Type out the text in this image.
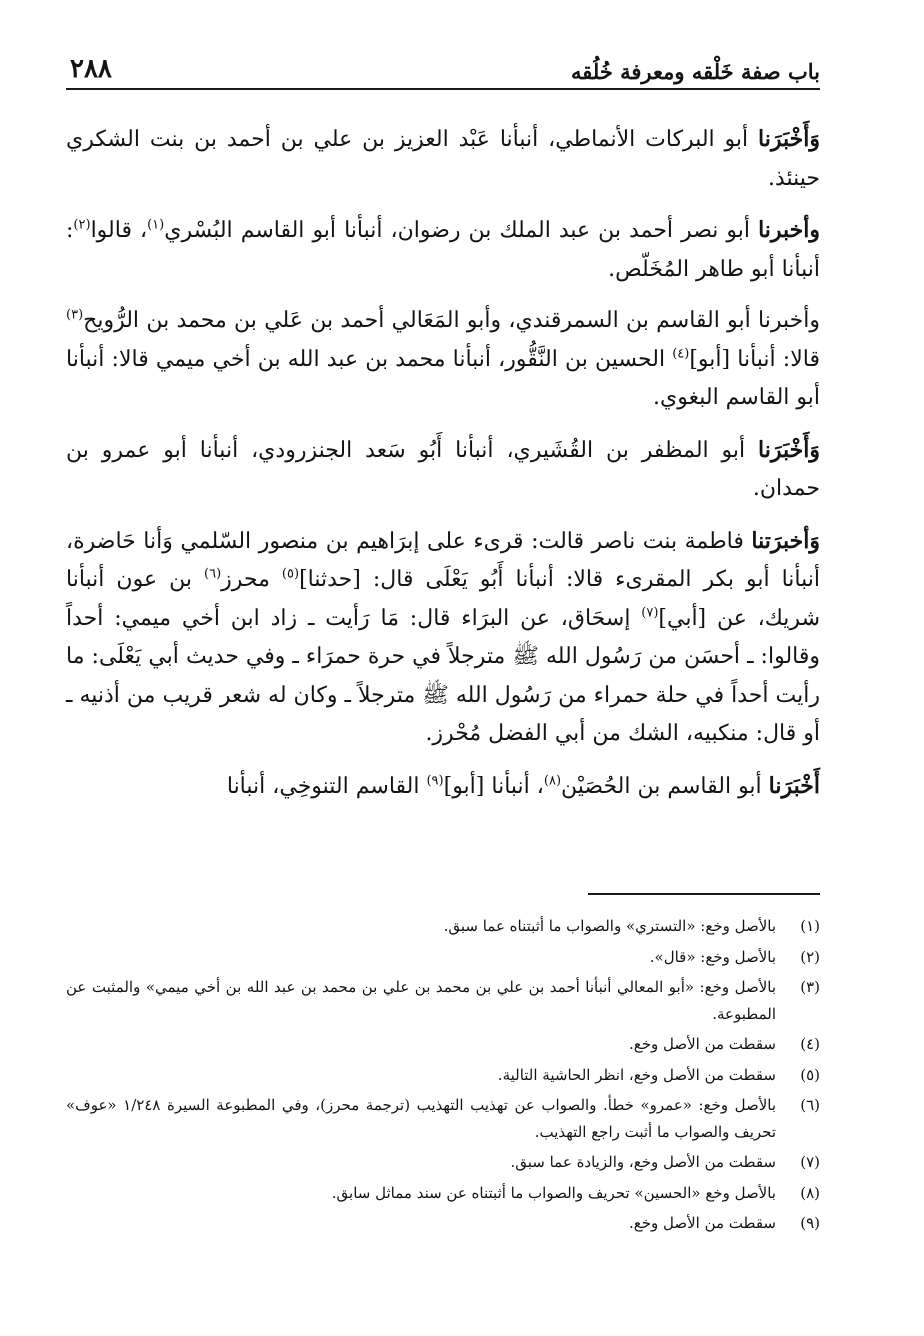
باب صفة خَلْقه ومعرفة خُلُقه
٢٨٨

وَأَخْبَرَنا أبو البركات الأنماطي، أنبأنا عَبْد العزيز بن علي بن أحمد بن بنت الشكري حينئذ.

وأخبرنا أبو نصر أحمد بن عبد الملك بن رضوان، أنبأنا أبو القاسم البُسْري$^{(١)}$، قالوا$^{(٢)}$: أنبأنا أبو طاهر المُخَلّص.

وأخبرنا أبو القاسم بن السمرقندي، وأبو المَعَالي أحمد بن عَلي بن محمد بن الرُّويح$^{(٣)}$ قالا: أنبأنا [أبو]$^{(٤)}$ الحسين بن النَّقُّور، أنبأنا محمد بن عبد الله بن أخي ميمي قالا: أنبأنا أبو القاسم البغوي.

وَأَخْبَرَنا أبو المظفر بن القُشَيري، أنبأنا أَبُو سَعد الجنزرودي، أنبأنا أبو عمرو بن حمدان.

وَأخبرَتنا فاطمة بنت ناصر قالت: قرىء على إبرَاهيم بن منصور السّلمي وَأنا حَاضرة، أنبأنا أبو بكر المقرىء قالا: أنبأنا أَبُو يَعْلَى قال: [حدثنا]$^{(٥)}$ محرز$^{(٦)}$ بن عون أنبأنا شريك، عن [أبي]$^{(٧)}$ إسحَاق، عن البرَاء قال: مَا رَأيت ـ زاد ابن أخي ميمي: أحداً وقالوا: ـ أحسَن من رَسُول الله ﷺ مترجلاً في حرة حمرَاء ـ وفي حديث أبي يَعْلَى: ما رأيت أحداً في حلة حمراء من رَسُول الله ﷺ مترجلاً ـ وكان له شعر قريب من أذنيه ـ أو قال: منكبيه، الشك من أبي الفضل مُحْرز.

أَخْبَرَنا أبو القاسم بن الحُصَيْن$^{(٨)}$، أنبأنا [أبو]$^{(٩)}$ القاسم التنوخِي، أنبأنا

(١)
بالأصل وخع: «التستري» والصواب ما أثبتناه عما سبق.
(٢)
بالأصل وخع: «قال».
(٣)
بالأصل وخع: «أبو المعالي أنبأنا أحمد بن علي بن محمد بن علي بن محمد بن عبد الله بن أخي ميمي» والمثبت عن المطبوعة.
(٤)
سقطت من الأصل وخع.
(٥)
سقطت من الأصل وخع، انظر الحاشية التالية.
(٦)
بالأصل وخع: «عمرو» خطأ. والصواب عن تهذيب التهذيب (ترجمة محرز)، وفي المطبوعة السيرة ١/٢٤٨ «عوف» تحريف والصواب ما أثبت راجع التهذيب.
(٧)
سقطت من الأصل وخع، والزيادة عما سبق.
(٨)
بالأصل وخع «الحسين» تحريف والصواب ما أثبتناه عن سند مماثل سابق.
(٩)
سقطت من الأصل وخع.
